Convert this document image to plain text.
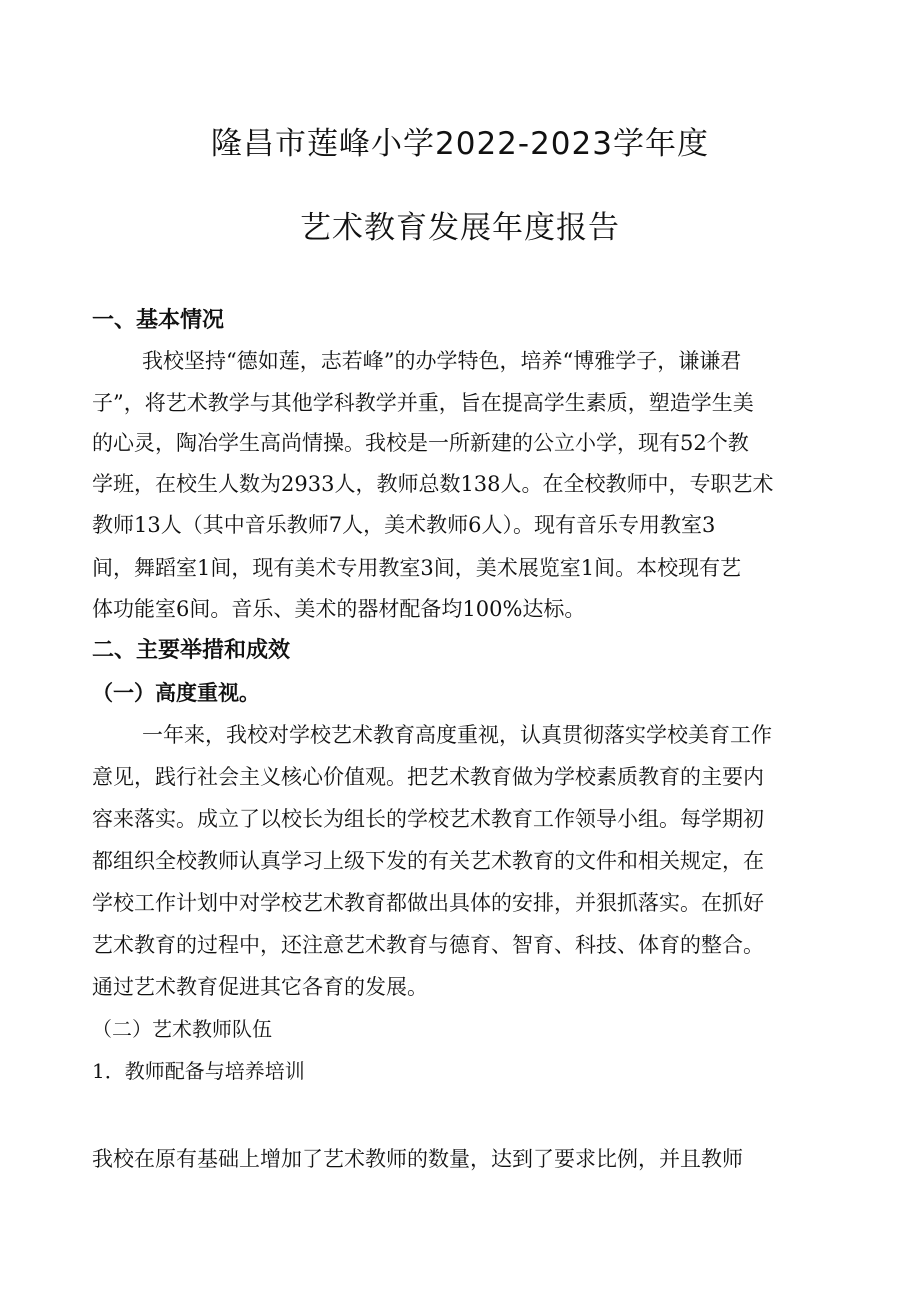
隆昌市莲峰小学2022-2023学年度
艺术教育发展年度报告
一、基本情况
我校坚持“德如莲，志若峰”的办学特色，培养“博雅学子，谦谦君
子”，将艺术教学与其他学科教学并重，旨在提高学生素质，塑造学生美
的心灵，陶冶学生高尚情操。我校是一所新建的公立小学，现有52个教
学班，在校生人数为2933人，教师总数138人。在全校教师中，专职艺术
教师13人（其中音乐教师7人，美术教师6人）。现有音乐专用教室3
间，舞蹈室1间，现有美术专用教室3间，美术展览室1间。本校现有艺
体功能室6间。音乐、美术的器材配备均100%达标。
二、主要举措和成效
（一）高度重视。
一年来，我校对学校艺术教育高度重视，认真贯彻落实学校美育工作
意见，践行社会主义核心价值观。把艺术教育做为学校素质教育的主要内
容来落实。成立了以校长为组长的学校艺术教育工作领导小组。每学期初
都组织全校教师认真学习上级下发的有关艺术教育的文件和相关规定，在
学校工作计划中对学校艺术教育都做出具体的安排，并狠抓落实。在抓好
艺术教育的过程中，还注意艺术教育与德育、智育、科技、体育的整合。
通过艺术教育促进其它各育的发展。
（二）艺术教师队伍
1．教师配备与培养培训
我校在原有基础上增加了艺术教师的数量，达到了要求比例，并且教师
